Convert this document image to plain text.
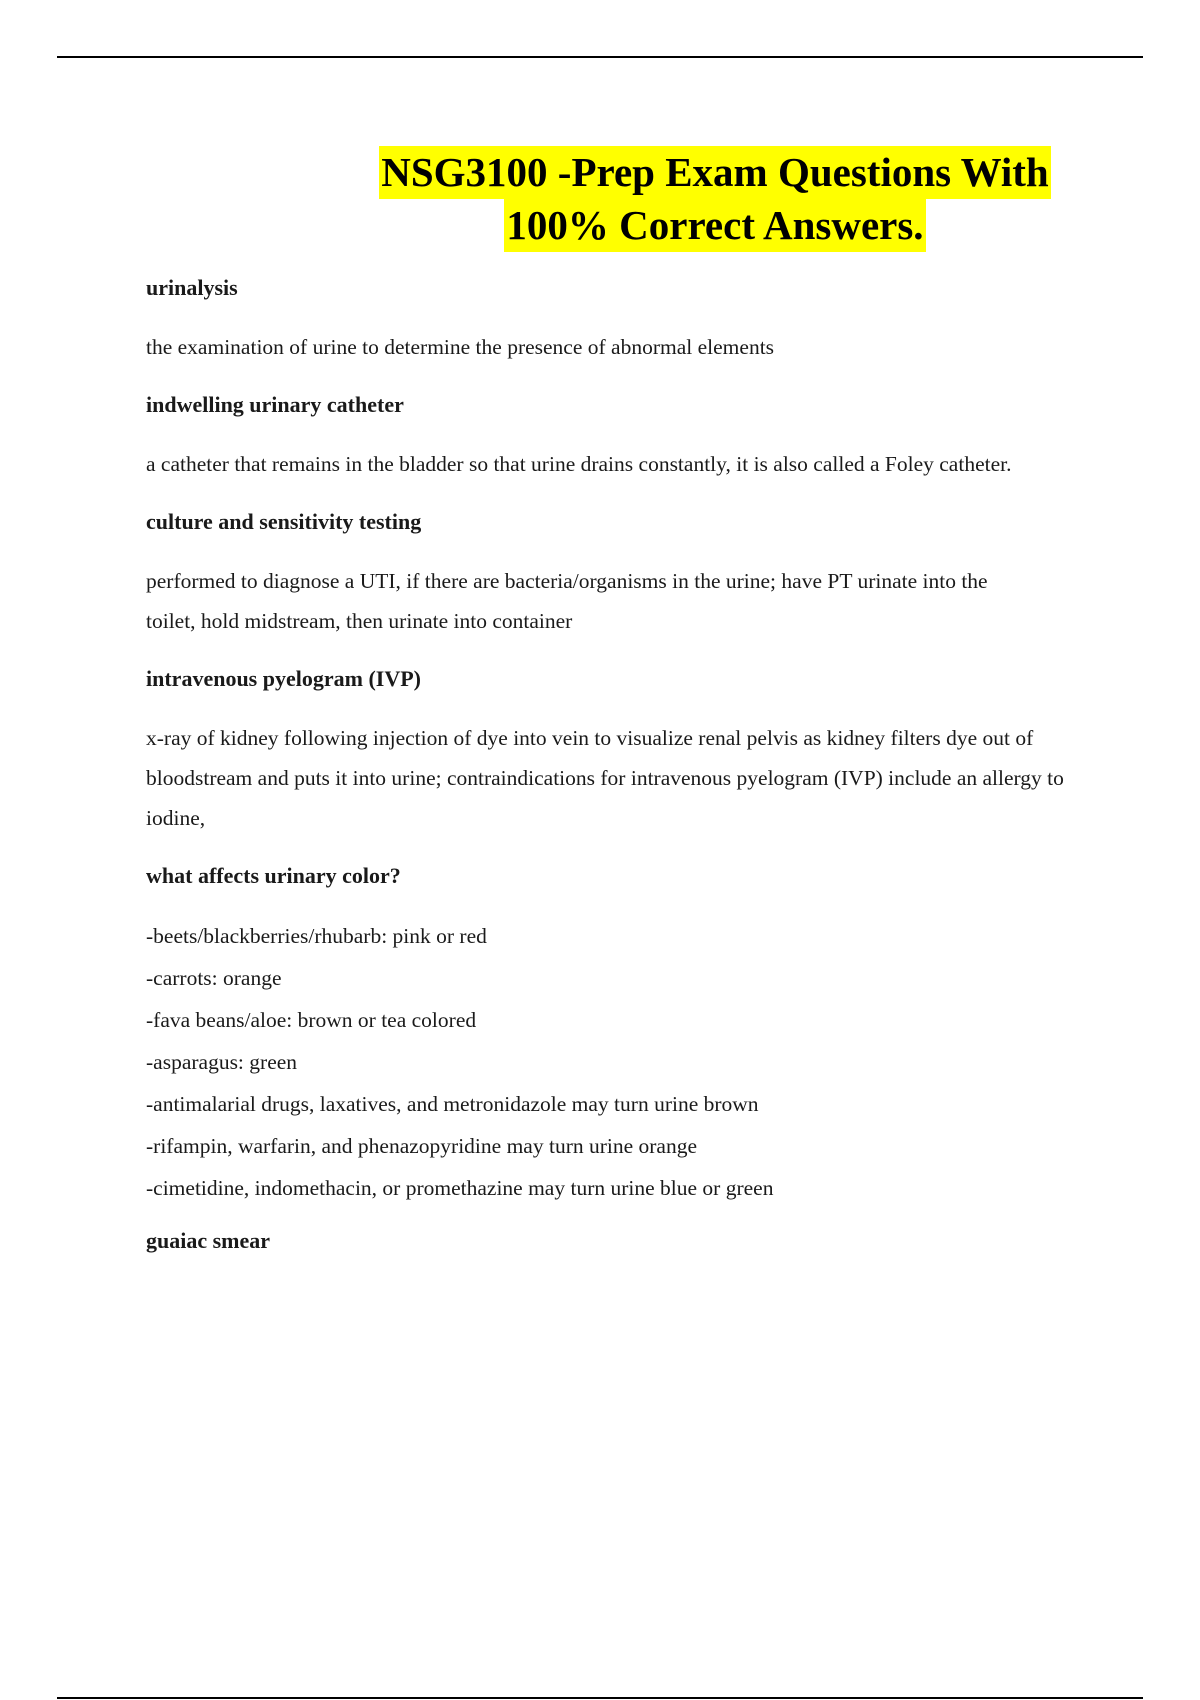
NSG3100 -Prep Exam Questions With
100% Correct Answers.

urinalysis

the examination of urine to determine the presence of abnormal elements

indwelling urinary catheter

a catheter that remains in the bladder so that urine drains constantly, it is also called a Foley catheter.

culture and sensitivity testing

performed to diagnose a UTI, if there are bacteria/organisms in the urine; have PT urinate into the toilet, hold midstream, then urinate into container

intravenous pyelogram (IVP)

x-ray of kidney following injection of dye into vein to visualize renal pelvis as kidney filters dye out of bloodstream and puts it into urine; contraindications for intravenous pyelogram (IVP) include an allergy to iodine,

what affects urinary color?

-beets/blackberries/rhubarb: pink or red
-carrots: orange
-fava beans/aloe: brown or tea colored
-asparagus: green
-antimalarial drugs, laxatives, and metronidazole may turn urine brown
-rifampin, warfarin, and phenazopyridine may turn urine orange
-cimetidine, indomethacin, or promethazine may turn urine blue or green

guaiac smear
